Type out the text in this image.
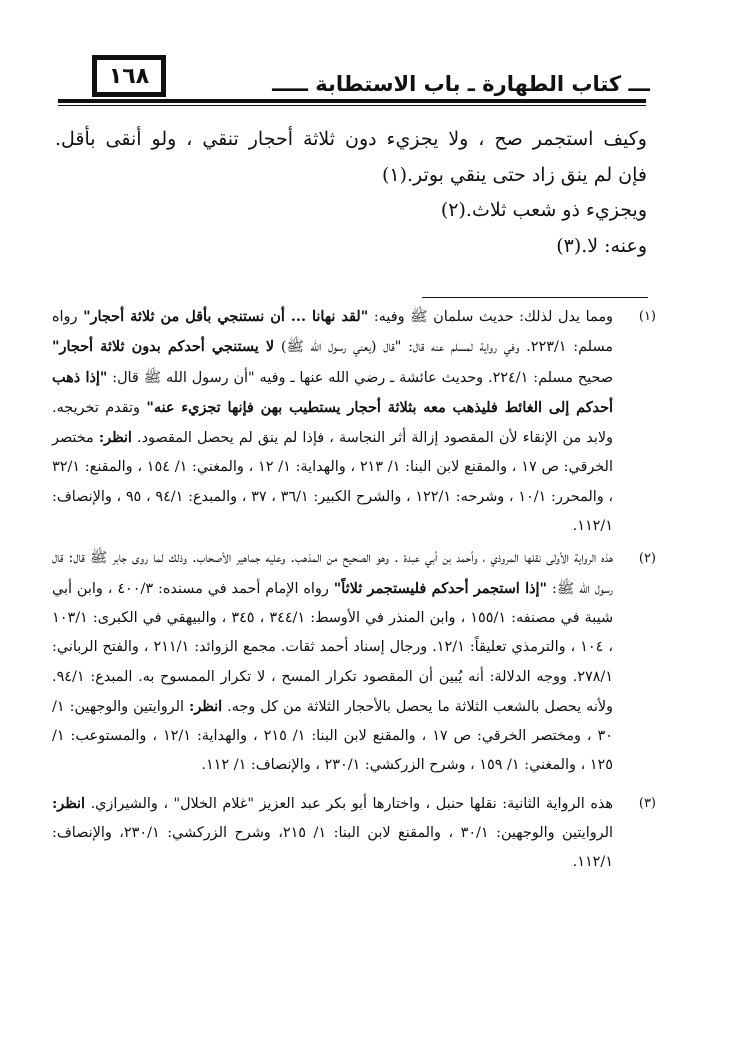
١٦٨	ـــ كتاب الطهارة ـ باب الاستطابة ـــــ

وكيف استجمر صح ، ولا يجزيء دون ثلاثة أحجار تنقي ، ولو أنقى بأقل.

فإن لم ينق زاد حتى ينقي بوتر.(١)

ويجزيء ذو شعب ثلاث.(٢)

وعنه: لا.(٣)

(١)
ومما يدل لذلك: حديث سلمان ﷺ وفيه: "لقد نهانا ... أن نستنجي بأقل من ثلاثة أحجار" رواه مسلم: ٢٢٣/١. وفي رواية لمسلم عنه قال: "قال (يعني رسول الله ﷺ) لا يستنجي أحدكم بدون ثلاثة أحجار" صحيح مسلم: ٢٢٤/١. وحديث عائشة ـ رضي الله عنها ـ وفيه "أن رسول الله ﷺ قال: "إذا ذهب أحدكم إلى الغائط فليذهب معه بثلاثة أحجار يستطيب بهن فإنها تجزيء عنه" وتقدم تخريجه. ولابد من الإنقاء لأن المقصود إزالة أثر النجاسة ، فإذا لم ينق لم يحصل المقصود. انظر: مختصر الخرقي: ص ١٧ ، والمقنع لابن البنا: ١/ ٢١٣ ، والهداية: ١/ ١٢ ، والمغني: ١/ ١٥٤ ، والمقنع: ٣٢/١ ، والمحرر: ١٠/١ ، وشرحه: ١٢٢/١ ، والشرح الكبير: ٣٦/١ ، ٣٧ ، والمبدع: ٩٤/١ ، ٩٥ ، والإنصاف: ١١٢/١.
(٢)
هذه الرواية الأولى نقلها المروذي ، وأحمد بن أبي عبدة . وهو الصحيح من المذهب. وعليه جماهير الأصحاب. وذلك لما روى جابر ﷺ قال: قال رسول الله ﷺ: "إذا استجمر أحدكم فليستجمر ثلاثاً" رواه الإمام أحمد في مسنده: ٤٠٠/٣ ، وابن أبي شيبة في مصنفه: ١٥٥/١ ، وابن المنذر في الأوسط: ٣٤٤/١ ، ٣٤٥ ، والبيهقي في الكبرى: ١٠٣/١ ، ١٠٤ ، والترمذي تعليقاً: ١٢/١. ورجال إسناد أحمد ثقات. مجمع الزوائد: ٢١١/١ ، والفتح الرباني: ٢٧٨/١. ووجه الدلالة: أنه يُبين أن المقصود تكرار المسح ، لا تكرار الممسوح به. المبدع: ٩٤/١. ولأنه يحصل بالشعب الثلاثة ما يحصل بالأحجار الثلاثة من كل وجه. انظر: الروايتين والوجهين: ١/ ٣٠ ، ومختصر الخرقي: ص ١٧ ، والمقنع لابن البنا: ١/ ٢١٥ ، والهداية: ١٢/١ ، والمستوعب: ١/ ١٢٥ ، والمغني: ١/ ١٥٩ ، وشرح الزركشي: ٢٣٠/١ ، والإنصاف: ١/ ١١٢.
(٣)
هذه الرواية الثانية: نقلها حنبل ، واختارها أبو بكر عبد العزيز "غلام الخلال" ، والشيرازي. انظر: الروايتين والوجهين: ٣٠/١ ، والمقنع لابن البنا: ١/ ٢١٥، وشرح الزركشي: ٢٣٠/١، والإنصاف: ١١٢/١.
